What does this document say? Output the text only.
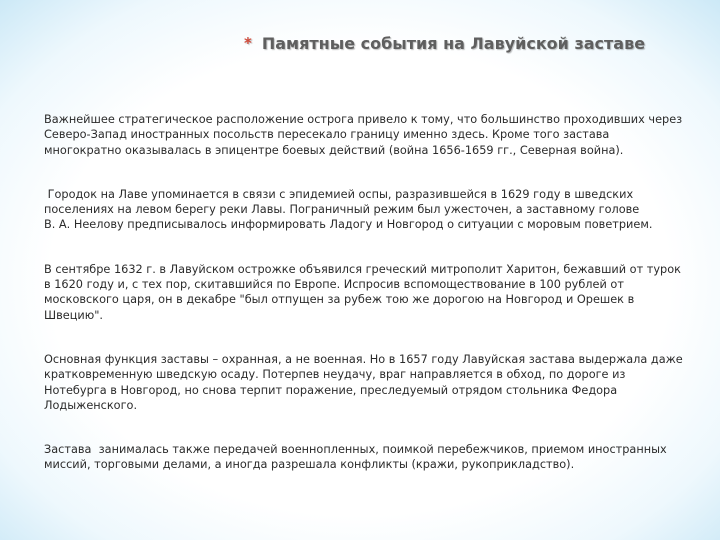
* Памятные события на Лавуйской заставе

Важнейшее стратегическое расположение острога привело к тому, что большинство проходивших через Северо-Запад иностранных посольств пересекало границу именно здесь. Кроме того застава  многократно оказывалась в эпицентре боевых действий (война 1656-1659 гг., Северная война).

Городок на Лаве упоминается в связи с эпидемией оспы, разразившейся в 1629 году в шведских поселениях на левом берегу реки Лавы. Пограничный режим был ужесточен, а заставному голове            В. А. Неелову предписывалось информировать Ладогу и Новгород о ситуации с моровым поветрием.

В сентябре 1632 г. в Лавуйском острожке объявился греческий митрополит Харитон, бежавший от турок в 1620 году и, с тех пор, скитавшийся по Европе. Испросив вспомоществование в 100 рублей от московского царя, он в декабре "был отпущен за рубеж тою же дорогою на Новгород и Орешек в Швецию".

Основная функция заставы – охранная, а не военная. Но в 1657 году Лавуйская застава выдержала даже кратковременную шведскую осаду. Потерпев неудачу, враг направляется в обход, по дороге из Нотебурга в Новгород, но снова терпит поражение, преследуемый отрядом стольника Федора Лодыженского.

Застава  занималась также передачей военнопленных, поимкой перебежчиков, приемом иностранных миссий, торговыми делами, а иногда разрешала конфликты (кражи, рукоприкладство).
